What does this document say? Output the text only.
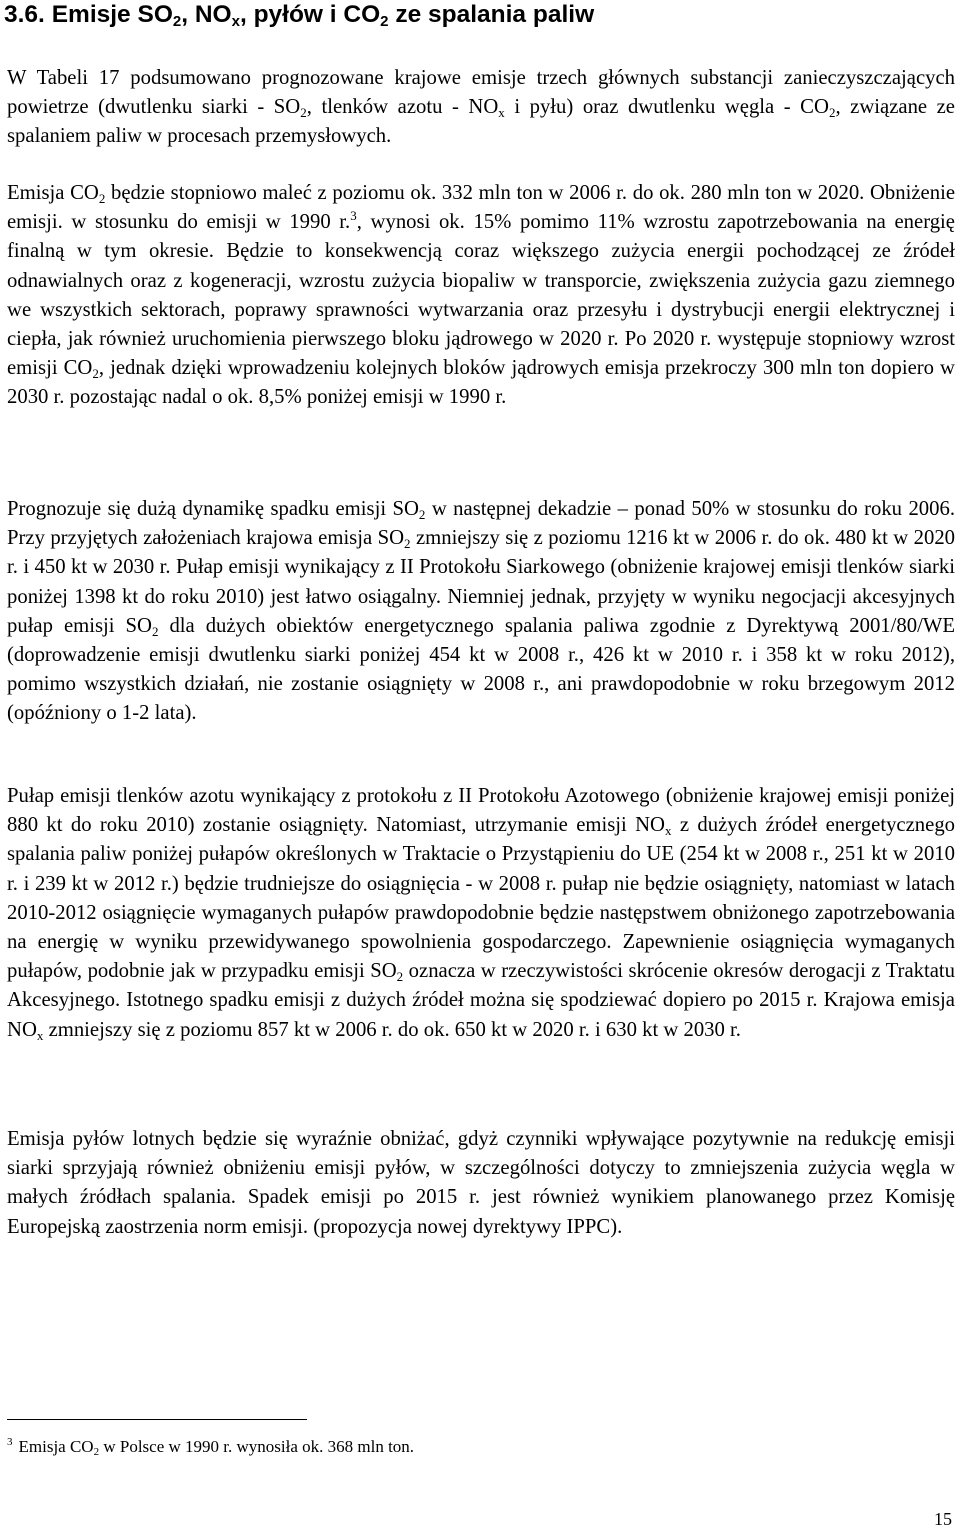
3.6. Emisje $SO_2$, $NO_x$, pyłów i $CO_2$ ze spalania paliw

W Tabeli 17 podsumowano prognozowane krajowe emisje trzech głównych substancji zanieczyszczających powietrze (dwutlenku siarki - $SO_2$, tlenków azotu - $NO_x$ i pyłu) oraz dwutlenku węgla - $CO_2$, związane ze spalaniem paliw w procesach przemysłowych.

Emisja $CO_2$ będzie stopniowo maleć z poziomu ok. 332 mln ton w 2006 r. do ok. 280 mln ton w 2020. Obniżenie emisji. w stosunku do emisji w 1990 r.$^3$, wynosi ok. 15% pomimo 11% wzrostu zapotrzebowania na energię finalną w tym okresie. Będzie to konsekwencją coraz większego zużycia energii pochodzącej ze źródeł odnawialnych oraz z kogeneracji, wzrostu zużycia biopaliw w transporcie, zwiększenia zużycia gazu ziemnego we wszystkich sektorach, poprawy sprawności wytwarzania oraz przesyłu i dystrybucji energii elektrycznej i ciepła, jak również uruchomienia pierwszego bloku jądrowego w 2020 r. Po 2020 r. występuje stopniowy wzrost emisji $CO_2$, jednak dzięki wprowadzeniu kolejnych bloków jądrowych emisja przekroczy 300 mln ton dopiero w 2030 r. pozostając nadal o ok. 8,5% poniżej emisji w 1990 r.

Prognozuje się dużą dynamikę spadku emisji $SO_2$ w następnej dekadzie – ponad 50% w stosunku do roku 2006. Przy przyjętych założeniach krajowa emisja $SO_2$ zmniejszy się z poziomu 1216 kt w 2006 r. do ok. 480 kt w 2020 r. i 450 kt w 2030 r. Pułap emisji wynikający z II Protokołu Siarkowego (obniżenie krajowej emisji tlenków siarki poniżej 1398 kt do roku 2010) jest łatwo osiągalny. Niemniej jednak, przyjęty w wyniku negocjacji akcesyjnych pułap emisji $SO_2$ dla dużych obiektów energetycznego spalania paliwa zgodnie z Dyrektywą 2001/80/WE (doprowadzenie emisji dwutlenku siarki poniżej 454 kt w 2008 r., 426 kt w 2010 r. i 358 kt w roku 2012), pomimo wszystkich działań, nie zostanie osiągnięty w 2008 r., ani prawdopodobnie w roku brzegowym 2012 (opóźniony o 1-2 lata).

Pułap emisji tlenków azotu wynikający z protokołu z II Protokołu Azotowego (obniżenie krajowej emisji poniżej 880 kt do roku 2010) zostanie osiągnięty. Natomiast, utrzymanie emisji $NO_x$ z dużych źródeł energetycznego spalania paliw poniżej pułapów określonych w Traktacie o Przystąpieniu do UE (254 kt w 2008 r., 251 kt w 2010 r. i 239 kt w 2012 r.) będzie trudniejsze do osiągnięcia - w 2008 r. pułap nie będzie osiągnięty, natomiast w latach 2010-2012 osiągnięcie wymaganych pułapów prawdopodobnie będzie następstwem obniżonego zapotrzebowania na energię w wyniku przewidywanego spowolnienia gospodarczego. Zapewnienie osiągnięcia wymaganych pułapów, podobnie jak w przypadku emisji $SO_2$ oznacza w rzeczywistości skrócenie okresów derogacji z Traktatu Akcesyjnego. Istotnego spadku emisji z dużych źródeł można się spodziewać dopiero po 2015 r. Krajowa emisja $NO_x$ zmniejszy się z poziomu 857 kt w 2006 r. do ok. 650 kt w 2020 r. i 630 kt w 2030 r.

Emisja pyłów lotnych będzie się wyraźnie obniżać, gdyż czynniki wpływające pozytywnie na redukcję emisji siarki sprzyjają również obniżeniu emisji pyłów, w szczególności dotyczy to zmniejszenia zużycia węgla w małych źródłach spalania. Spadek emisji po 2015 r. jest również wynikiem planowanego przez Komisję Europejską zaostrzenia norm emisji. (propozycja nowej dyrektywy IPPC).

$^3$ Emisja $CO_2$ w Polsce w 1990 r. wynosiła ok. 368 mln ton.
15
